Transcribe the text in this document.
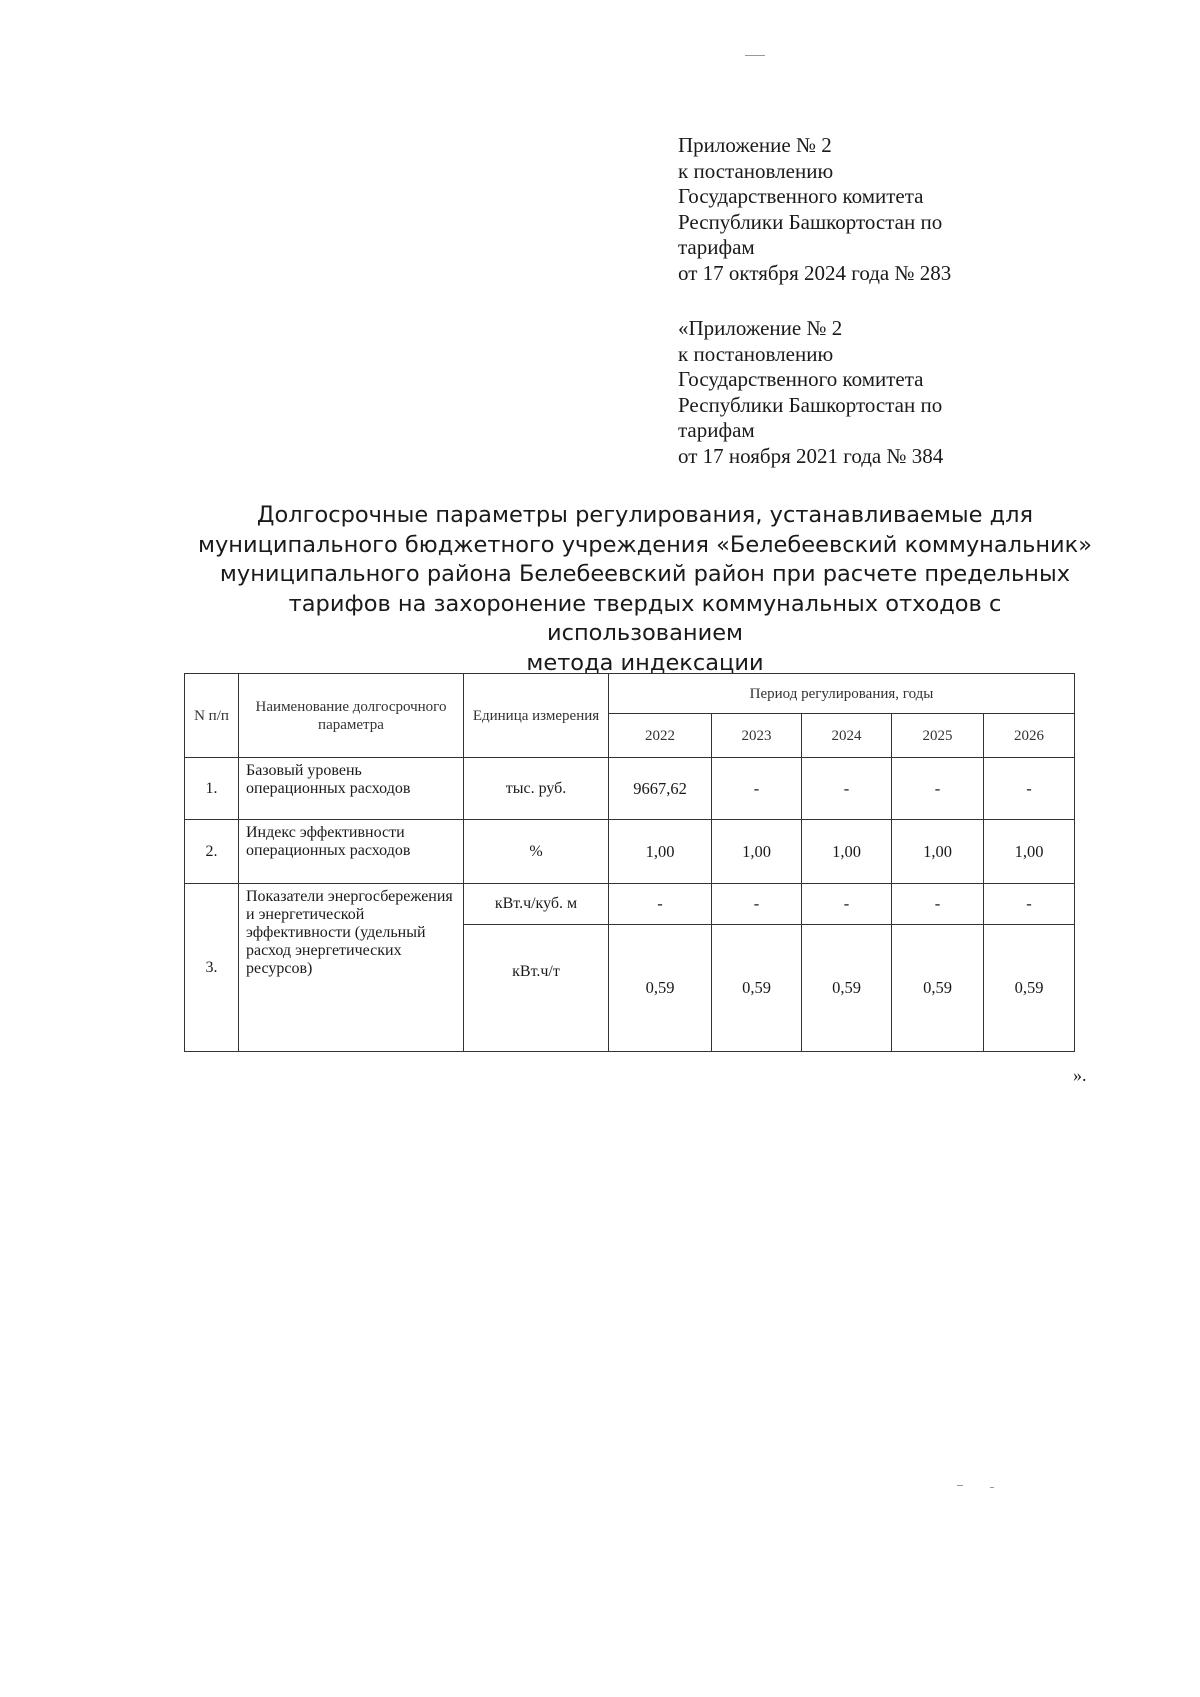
Приложение № 2
к постановлению
Государственного комитета
Республики Башкортостан по
тарифам
от 17 октября 2024 года № 283
«Приложение № 2
к постановлению
Государственного комитета
Республики Башкортостан по
тарифам
от 17 ноября 2021 года № 384
Долгосрочные параметры регулирования, устанавливаемые для
муниципального бюджетного учреждения «Белебеевский коммунальник»
муниципального района Белебеевский район при расчете предельных
тарифов на захоронение твердых коммунальных отходов с использованием
метода индексации
N п/п	Наименование долгосрочного параметра	Единица измерения	Период регулирования, годы				
			2022	2023	2024	2025	2026
1.	Базовый уровень операционных расходов	тыс. руб.	9667,62	-	-	-	-
2.	Индекс эффективности операционных расходов	%	1,00	1,00	1,00	1,00	1,00
3.	Показатели энергосбережения и энергетической эффективности (удельный расход энергетических ресурсов)	кВт.ч/куб. м	-	-	-	-	-
		кВт.ч/т	0,59	0,59	0,59	0,59	0,59
».
